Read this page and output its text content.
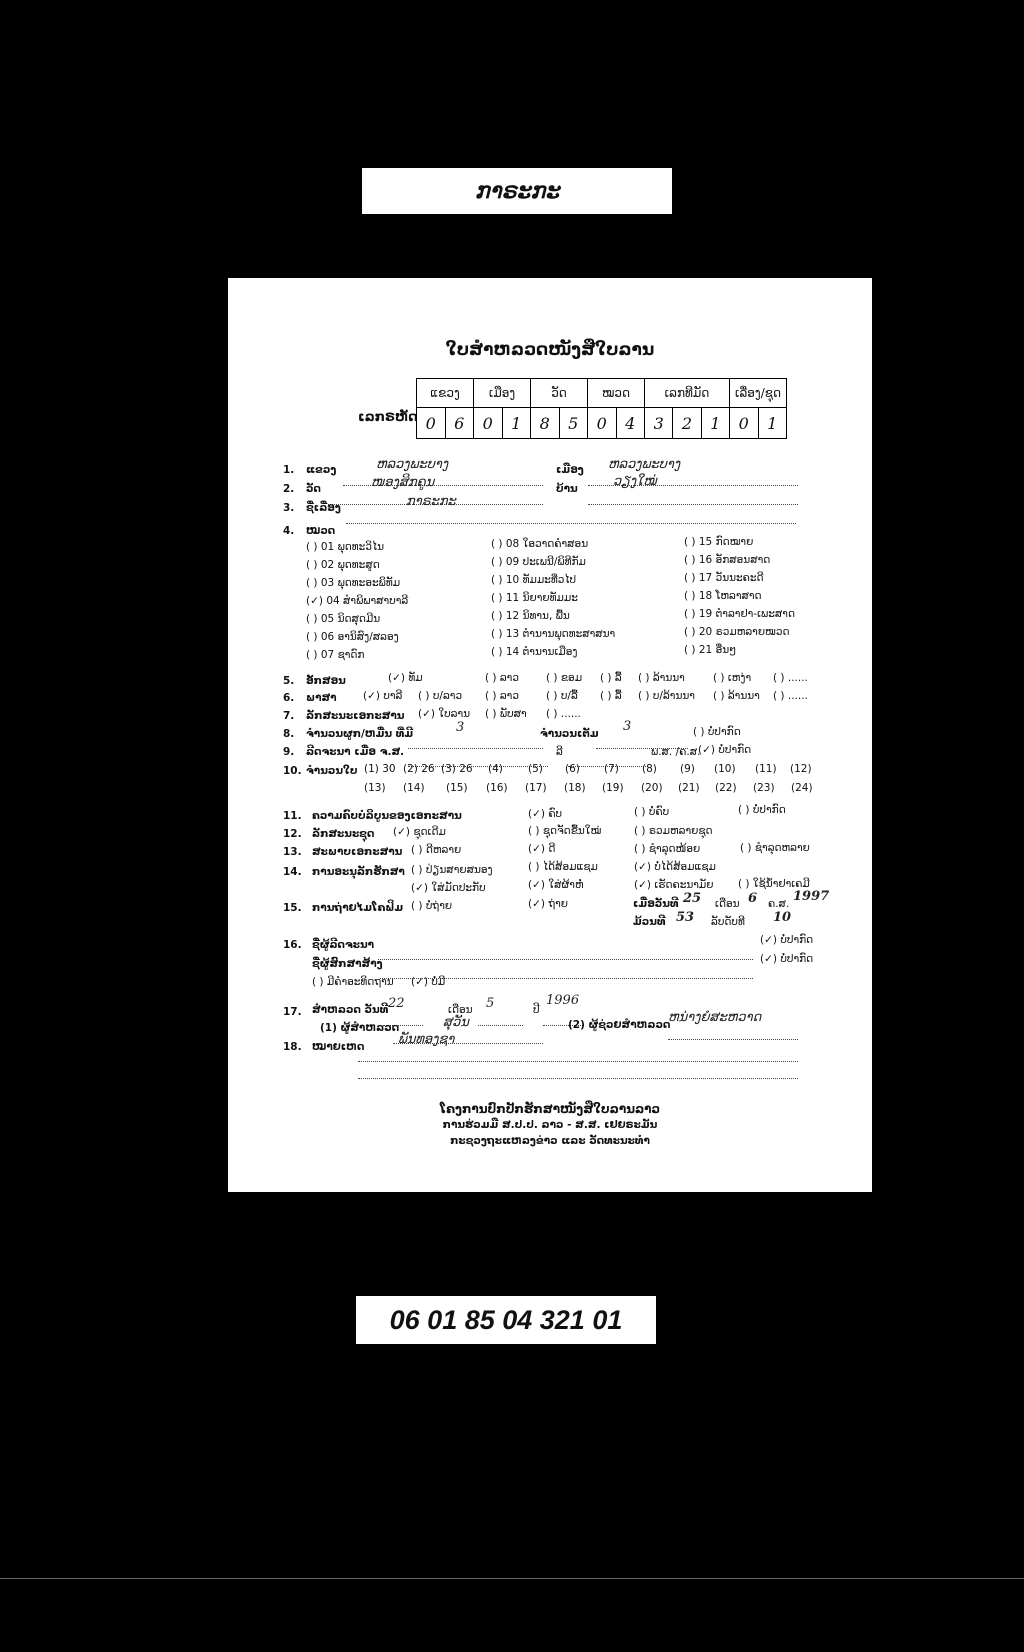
ກາຣະກະ
ໃບສຳຫລວດໜັງສືໃບລານ
ເລກຣຫັດ
ແຂວງ		ເມືອງ		ວັດ		ໝວດ		ເລກທີມັດ			ເລື່ອງ/ຊຸດ	
0	6	0	1	8	5	0	4	3	2	1	0	1
1. ແຂວງ	ຫລວງພະບາງ	ເມືອງ ຫລວງພະບາງ
2. ວັດ	ໜອງສິກຄູນ	ບ້ານ	ວຽງໃໝ່
3. ຊື່ເລື່ອງ	ກາຣະກະ
4. ໝວດ
( ) 01 ພຸດທະວິໄນ
( ) 02 ພຸດທະສູດ
( ) 03 ພຸດທະອະພິທັມ
(✓) 04 ສຳພິພາສາບາລີ
( ) 05 ນິດສຸດມີນ
( ) 06 ອານິສົງ/ສລອງ
( ) 07 ຊາດົກ
( ) 08 ໃອວາດຄຳສອນ
( ) 09 ປະເພນີ/ພິທີກັມ
( ) 10 ທັມມະທີ່ວໄປ
( ) 11 ນິຍາຍທັມມະ
( ) 12 ນິທານ, ພື້ນ
( ) 13 ຕຳນານພຸດທະສາສນາ
( ) 14 ຕຳນານເມືອງ
( ) 15 ກົດໝາຍ
( ) 16 ອັກສອນສາດ
( ) 17 ວັນນະຄະດີ
( ) 18 ໂຫລາສາດ
( ) 19 ຕຳລາຢາ-ເພະສາດ
( ) 20 ຣວມຫລາຍໝວດ
( ) 21 ອື່ນໆ
5. ອັກສອນ	(✓) ທັມ	( ) ລາວ	( ) ຂອມ ( ) ລື້ ( ) ລ້ານນາ	( ) ເຫງ່າ ( ) ......
6. ພາສາ	(✓) ບາລີ ( ) ບ/ລາວ ( ) ລາວ	( ) ບ/ລື້ ( ) ລື້ ( ) ບ/ລ້ານນາ ( ) ລ້ານນາ ( ) ......
7. ລັກສະນະເອກະສານ (✓) ໃບລານ ( ) ພັບສາ ( ) ......
8. ຈຳນວນຜູກ/ຫມື່ນ ທີ່ມີ	3	ຈຳນວນເຕັມ 3	( ) ບໍ່ປາກົດ
9. ລີດຈະນາ ເມື່ອ ຈ.ສ.	ລີ	ພ.ສ. /ຄ.ສ.
(✓) ບໍ່ປາກົດ
10. ຈຳນວນໃບ (1) 30 (2) 26 (3) 26 (4) (5) (6) (7) (8) (9) (10) (11) (12)
(13) (14) (15) (16) (17) (18) (19) (20) (21) (22) (23) (24)
11. ຄວາມຄົບບໍລິບູນຂອງເອກະສານ	(✓) ຄົບ	( ) ບໍ່ຄົບ	( ) ບໍ່ປາກົດ
12. ລັກສະນະຊຸດ (✓) ຊຸດເດີມ	( ) ຊຸດຈັດຂື້ນໃໝ່	( ) ຣວມຫລາຍຊຸດ
13. ສະພາບເອກະສານ ( ) ດີຫລາຍ	(✓) ດີ	( ) ຊຳລຸດໜ້ອຍ	( ) ຊຳລຸດຫລາຍ
14. ການອະນຸລັກຮັກສາ ( ) ປ່ຽນສາຍສນອງ	( ) ໄດ້ສ້ອມແຊມ	(✓) ບໍ່ໄດ້ສ້ອມແຊມ
(✓) ໃສ່ມັດປະກັບ	(✓) ໃສ່ຜ້າຫໍ່	(✓) ເຮັດຄະນາມັຍ ( ) ໃຊ້ນ້ຳຢາເຄມີ
15. ການຖ່າຍໄມໂຄຟິມ ( ) ບໍ່ຖ່າຍ	(✓) ຖ່າຍ	ເມື່ອວັນທີ 25 ເດືອນ 6 ຄ.ສ. 1997
ມ້ວນທີ 53 ລັບດັບທີ 10
16. ຊື່ຜູ້ລີດຈະນາ	(✓) ບໍ່ປາກົດ
ຊື່ຜູ້ສົກສາສ້າງ	(✓) ບໍ່ປາກົດ
( ) ມີຄຳອະທິດຖານ (✓) ບໍ່ມີ
17. ສຳຫລວດ ວັນທີ 22	ເດືອນ 5	ປີ
1996
(1) ຜູ້ສຳຫລວດ	ສຸວັນ	(2) ຜູ້ຊ່ວຍສຳຫລວດ
ຫນ່າງຍໍສະຫວາດ
18. ໝາຍເຫດ	ພັນທອງຊາ
ໂຄງການປົກປັກຮັກສາໜັງສືໃບລານລາວ
ການຮ່ວມມື ສ.ປ.ປ. ລາວ - ສ.ສ. ເຢຍຣະມັນ
ກະຊວງຖະແຫລງຂ່າວ ແລະ ວັດທະນະທຳ
06 01 85 04 321 01
